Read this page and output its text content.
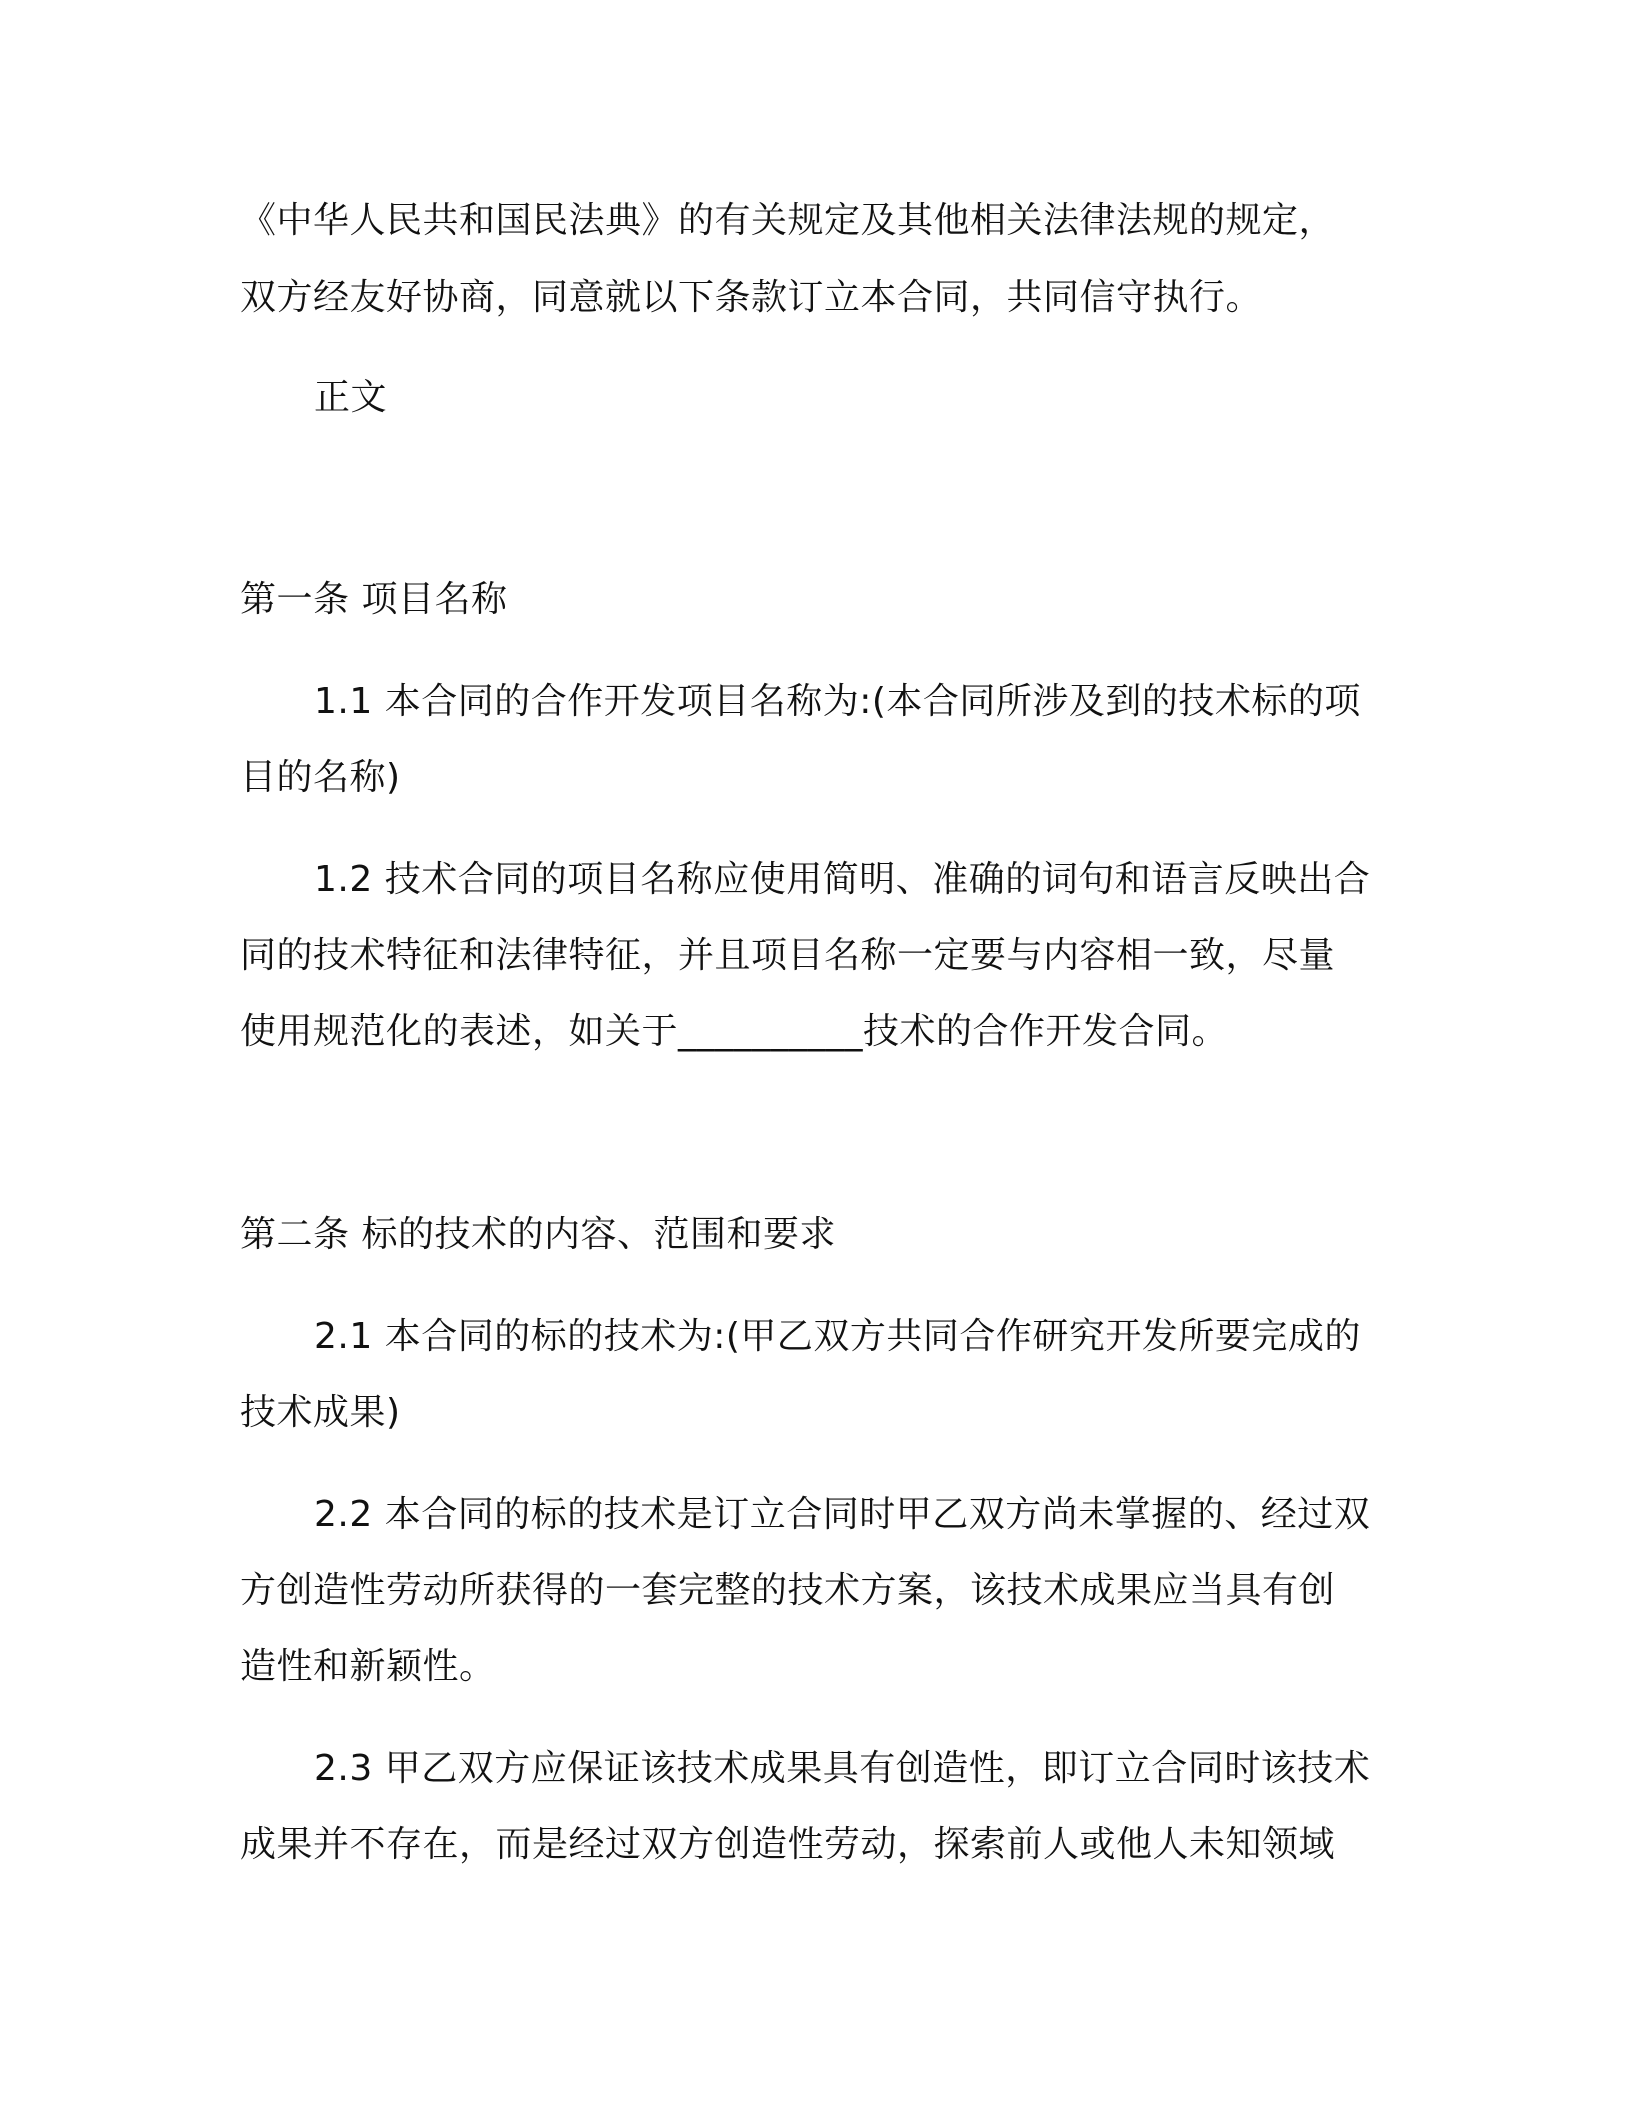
《中华人民共和国民法典》的有关规定及其他相关法律法规的规定，
双方经友好协商，同意就以下条款订立本合同，共同信守执行。
正文
第一条 项目名称
1.1 本合同的合作开发项目名称为:(本合同所涉及到的技术标的项
目的名称)
1.2 技术合同的项目名称应使用简明、准确的词句和语言反映出合
同的技术特征和法律特征，并且项目名称一定要与内容相一致，尽量
使用规范化的表述，如关于__________技术的合作开发合同。
第二条 标的技术的内容、范围和要求
2.1 本合同的标的技术为:(甲乙双方共同合作研究开发所要完成的
技术成果)
2.2 本合同的标的技术是订立合同时甲乙双方尚未掌握的、经过双
方创造性劳动所获得的一套完整的技术方案，该技术成果应当具有创
造性和新颖性。
2.3 甲乙双方应保证该技术成果具有创造性，即订立合同时该技术
成果并不存在，而是经过双方创造性劳动，探索前人或他人未知领域
